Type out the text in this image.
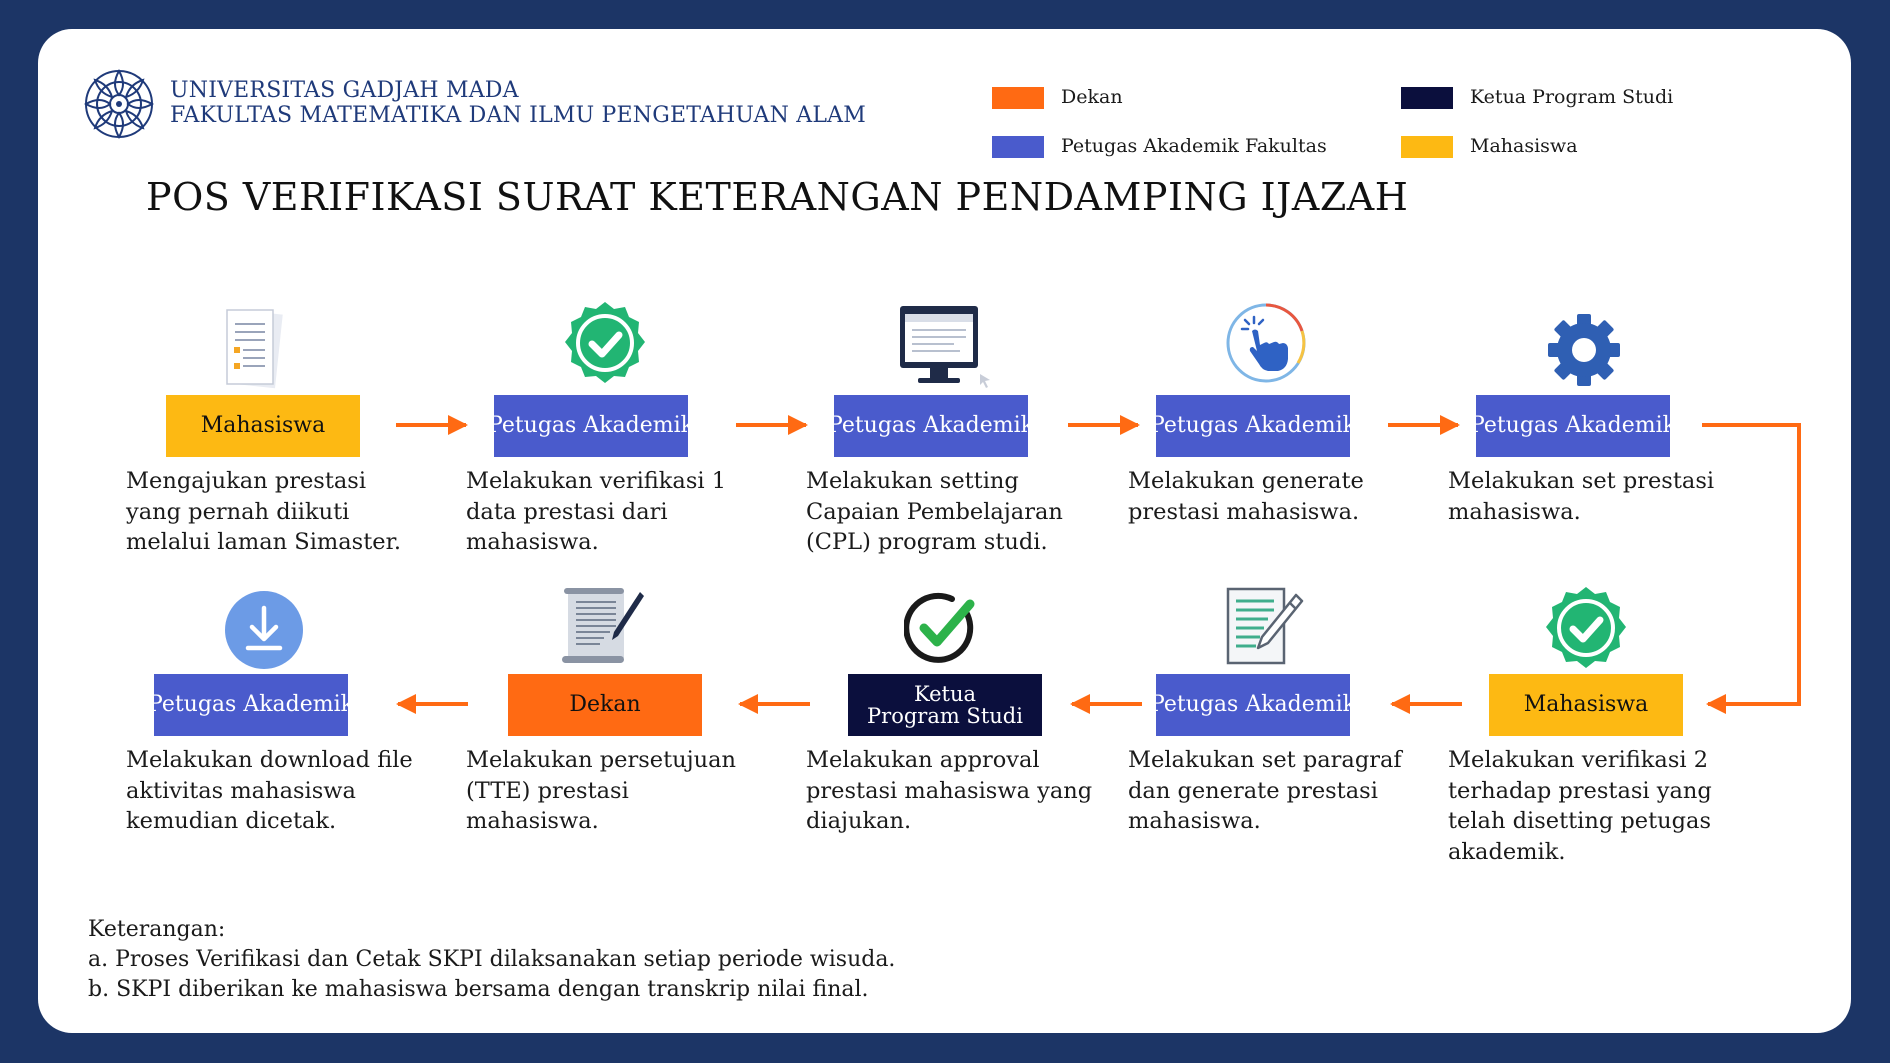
UNIVERSITAS GADJAH MADA
FAKULTAS MATEMATIKA DAN ILMU PENGETAHUAN ALAM
Dekan	Ketua Program Studi
Petugas Akademik Fakultas	Mahasiswa
POS VERIFIKASI SURAT KETERANGAN PENDAMPING IJAZAH
Mahasiswa
Mengajukan prestasi yang pernah diikuti melalui laman Simaster.
Petugas Akademik
Melakukan verifikasi 1 data prestasi dari mahasiswa.
Petugas Akademik
Melakukan setting Capaian Pembelajaran (CPL) program studi.
Petugas Akademik
Melakukan generate prestasi mahasiswa.
Petugas Akademik
Melakukan set prestasi mahasiswa.
Mahasiswa
Melakukan verifikasi 2 terhadap prestasi yang telah disetting petugas akademik.
Petugas Akademik
Melakukan set paragraf dan generate prestasi mahasiswa.
Ketua
Program Studi
Melakukan approval prestasi mahasiswa yang diajukan.
Dekan
Melakukan persetujuan (TTE) prestasi mahasiswa.
Petugas Akademik
Melakukan download file aktivitas mahasiswa kemudian dicetak.
Keterangan:
a. Proses Verifikasi dan Cetak SKPI dilaksanakan setiap periode wisuda.
b. SKPI diberikan ke mahasiswa bersama dengan transkrip nilai final.
